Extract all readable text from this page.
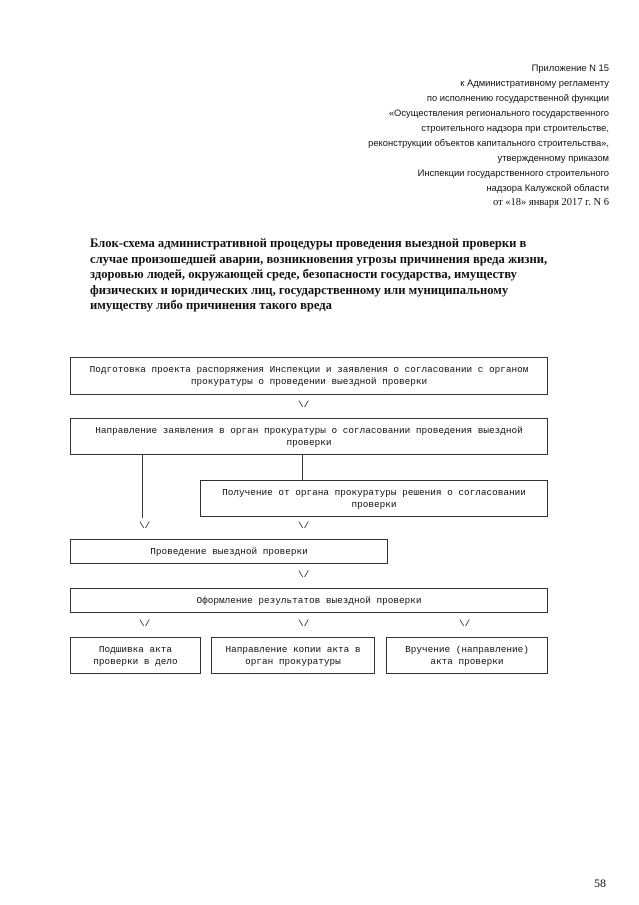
Приложение N 15
к Административному регламенту
по исполнению государственной функции
«Осуществления регионального государственного
строительного надзора при строительстве,
реконструкции объектов капитального строительства»,
утвержденному приказом
Инспекции государственного строительного
надзора Калужской области
от «18» января 2017 г. N 6
Блок-схема административной процедуры проведения выездной проверки в
случае произошедшей аварии, возникновения угрозы причинения вреда жизни,
здоровью людей, окружающей среде, безопасности государства, имуществу
физических и юридических лиц, государственному или муниципальному
имуществу либо причинения такого вреда
Подготовка проекта распоряжения Инспекции и заявления о согласовании с органом прокуратуры о проведении выездной проверки
\/
Направление заявления в орган прокуратуры о согласовании проведения выездной проверки
Получение от органа прокуратуры решения о согласовании проверки
\/	\/
Проведение выездной проверки
\/
Оформление результатов выездной проверки
\/	\/	\/
Подшивка акта проверки в дело
Направление копии акта в орган прокуратуры
Вручение (направление) акта проверки
58
